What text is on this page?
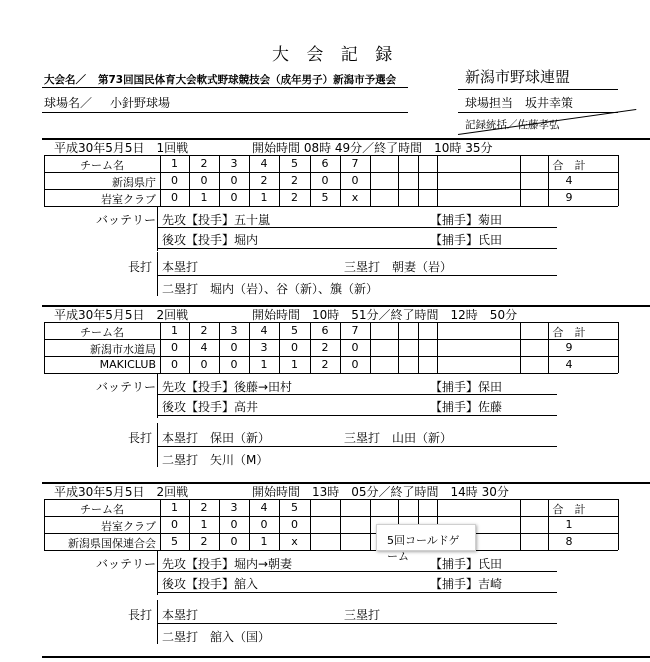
大 会 記 録
大会名／ 第73回国民体育大会軟式野球競技会（成年男子）新潟市予選会	新潟市野球連盟
球場名／ 小針野球場	球場担当　坂井幸策
記録統括／佐藤孝弘
平成30年5月5日　1回戦	開始時間 08時 49分／終了時間　10時 35分
チーム名	1	2	3	4	5	6	7	合　計
新潟県庁	0	0	0	2	2	0	0	4
岩室クラブ	0	1	0	1	2	5	x	9
バッテリー 先攻【投手】五十嵐	【捕手】菊田
後攻【投手】堀内	【捕手】氏田
長打 本塁打	三塁打　朝妻（岩）
二塁打　堀内（岩）、谷（新）、籏（新）
平成30年5月5日　2回戦	開始時間　10時　51分／終了時間　12時　50分
チーム名	1	2	3	4	5	6	7	合　計
新潟市水道局	0	4	0	3	0	2	0	9
MAKICLUB	0	0	0	1	1	2	0	4
バッテリー 先攻【投手】後藤→田村	【捕手】保田
後攻【投手】高井	【捕手】佐藤
長打 本塁打　保田（新）	三塁打　山田（新）
二塁打　矢川（M）
平成30年5月5日　2回戦	開始時間　13時　05分／終了時間　14時 30分
チーム名	1	2	3	4	5	合　計
岩室クラブ	0	1	0	0	0	1
新潟県国保連合会	5	2	0	1	x	8
5回コールドゲーム
バッテリー 先攻【投手】堀内→朝妻	【捕手】氏田
後攻【投手】舘入	【捕手】吉崎
長打 本塁打	三塁打
二塁打　舘入（国）
